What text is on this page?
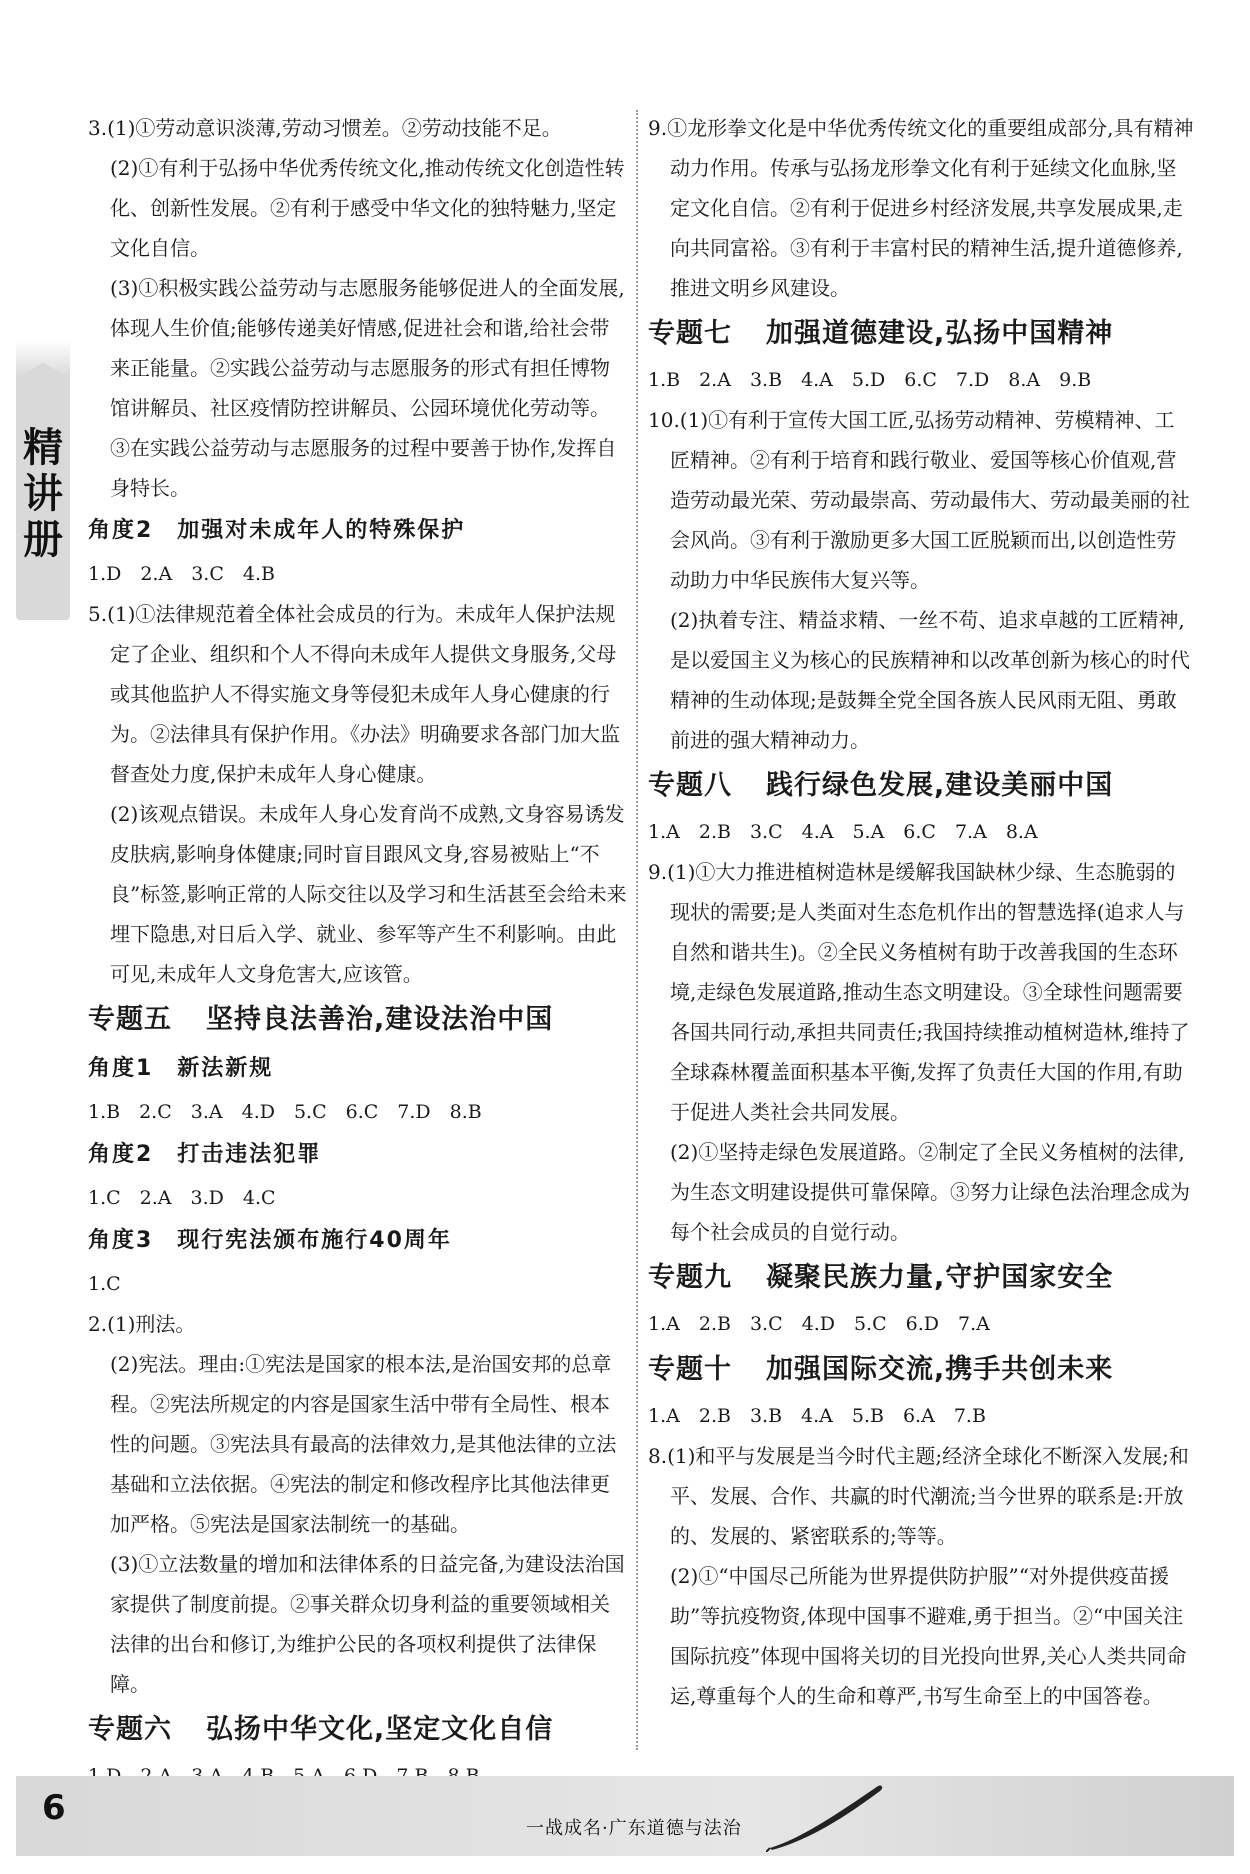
精讲册

3.(1)①劳动意识淡薄,劳动习惯差。②劳动技能不足。

(2)①有利于弘扬中华优秀传统文化,推动传统文化创造性转化、创新性发展。②有利于感受中华文化的独特魅力,坚定文化自信。

(3)①积极实践公益劳动与志愿服务能够促进人的全面发展,体现人生价值;能够传递美好情感,促进社会和谐,给社会带来正能量。②实践公益劳动与志愿服务的形式有担任博物馆讲解员、社区疫情防控讲解员、公园环境优化劳动等。③在实践公益劳动与志愿服务的过程中要善于协作,发挥自身特长。

角度2　加强对未成年人的特殊保护

1.D　2.A　3.C　4.B

5.(1)①法律规范着全体社会成员的行为。未成年人保护法规定了企业、组织和个人不得向未成年人提供文身服务,父母或其他监护人不得实施文身等侵犯未成年人身心健康的行为。②法律具有保护作用。《办法》明确要求各部门加大监督查处力度,保护未成年人身心健康。

(2)该观点错误。未成年人身心发育尚不成熟,文身容易诱发皮肤病,影响身体健康;同时盲目跟风文身,容易被贴上“不良”标签,影响正常的人际交往以及学习和生活甚至会给未来埋下隐患,对日后入学、就业、参军等产生不利影响。由此可见,未成年人文身危害大,应该管。

专题五 坚持良法善治,建设法治中国

角度1　新法新规

1.B　2.C　3.A　4.D　5.C　6.C　7.D　8.B

角度2　打击违法犯罪

1.C　2.A　3.D　4.C

角度3　现行宪法颁布施行40周年

1.C

2.(1)刑法。

(2)宪法。理由:①宪法是国家的根本法,是治国安邦的总章程。②宪法所规定的内容是国家生活中带有全局性、根本性的问题。③宪法具有最高的法律效力,是其他法律的立法基础和立法依据。④宪法的制定和修改程序比其他法律更加严格。⑤宪法是国家法制统一的基础。

(3)①立法数量的增加和法律体系的日益完备,为建设法治国家提供了制度前提。②事关群众切身利益的重要领域相关法律的出台和修订,为维护公民的各项权利提供了法律保障。

专题六 弘扬中华文化,坚定文化自信

9.①龙形拳文化是中华优秀传统文化的重要组成部分,具有精神动力作用。传承与弘扬龙形拳文化有利于延续文化血脉,坚定文化自信。②有利于促进乡村经济发展,共享发展成果,走向共同富裕。③有利于丰富村民的精神生活,提升道德修养,推进文明乡风建设。

专题七 加强道德建设,弘扬中国精神

1.B　2.A　3.B　4.A　5.D　6.C　7.D　8.A　9.B

10.(1)①有利于宣传大国工匠,弘扬劳动精神、劳模精神、工匠精神。②有利于培育和践行敬业、爱国等核心价值观,营造劳动最光荣、劳动最崇高、劳动最伟大、劳动最美丽的社会风尚。③有利于激励更多大国工匠脱颖而出,以创造性劳动助力中华民族伟大复兴等。

(2)执着专注、精益求精、一丝不苟、追求卓越的工匠精神,是以爱国主义为核心的民族精神和以改革创新为核心的时代精神的生动体现;是鼓舞全党全国各族人民风雨无阻、勇敢前进的强大精神动力。

专题八 践行绿色发展,建设美丽中国

1.A　2.B　3.C　4.A　5.A　6.C　7.A　8.A

9.(1)①大力推进植树造林是缓解我国缺林少绿、生态脆弱的现状的需要;是人类面对生态危机作出的智慧选择(追求人与自然和谐共生)。②全民义务植树有助于改善我国的生态环境,走绿色发展道路,推动生态文明建设。③全球性问题需要各国共同行动,承担共同责任;我国持续推动植树造林,维持了全球森林覆盖面积基本平衡,发挥了负责任大国的作用,有助于促进人类社会共同发展。

(2)①坚持走绿色发展道路。②制定了全民义务植树的法律,为生态文明建设提供可靠保障。③努力让绿色法治理念成为每个社会成员的自觉行动。

专题九 凝聚民族力量,守护国家安全

1.A　2.B　3.C　4.D　5.C　6.D　7.A

专题十 加强国际交流,携手共创未来

1.A　2.B　3.B　4.A　5.B　6.A　7.B

8.(1)和平与发展是当今时代主题;经济全球化不断深入发展;和平、发展、合作、共赢的时代潮流;当今世界的联系是:开放的、发展的、紧密联系的;等等。

(2)①“中国尽己所能为世界提供防护服”“对外提供疫苗援助”等抗疫物资,体现中国事不避难,勇于担当。②“中国关注国际抗疫”体现中国将关切的目光投向世界,关心人类共同命运,尊重每个人的生命和尊严,书写生命至上的中国答卷。

6
一战成名·广东道德与法治
